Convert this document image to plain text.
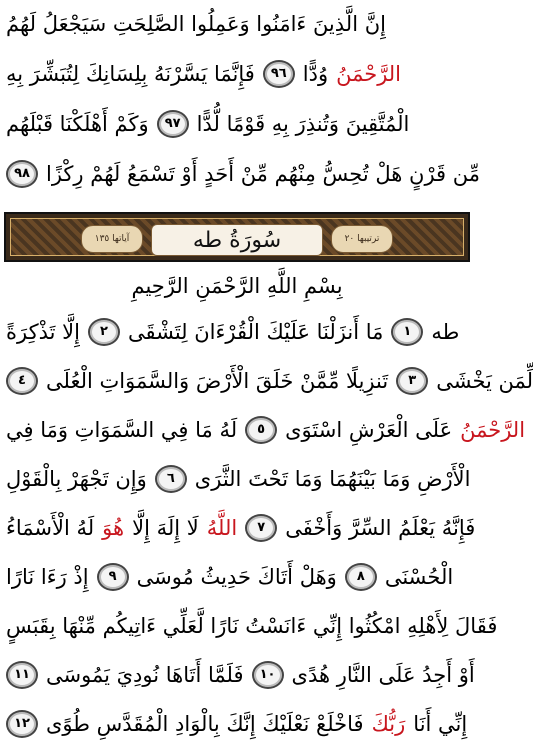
إِنَّ الَّذِينَ ءَامَنُوا وَعَمِلُوا الصَّلِحَتِ سَيَجْعَلُ لَهُمُ
الرَّحْمَنُ
وُدًّا
٩٦
فَإِنَّمَا يَسَّرْنَهُ بِلِسَانِكَ لِتُبَشِّرَ بِهِ
الْمُتَّقِينَ وَتُنذِرَ بِهِ قَوْمًا لُّدًّا
٩٧
وَكَمْ أَهْلَكْنَا قَبْلَهُم
مِّن قَرْنٍ هَلْ تُحِسُّ مِنْهُم مِّنْ أَحَدٍ أَوْ تَسْمَعُ لَهُمْ رِكْزًا
٩٨
آياتها ١٣٥	سُورَةُ طه	ترتيبها ٢٠
بِسْمِ اللَّهِ الرَّحْمَنِ الرَّحِيمِ
طه
١
مَا أَنزَلْنَا عَلَيْكَ الْقُرْءَانَ لِتَشْقَى
٢
إِلَّا تَذْكِرَةً
لِّمَن يَخْشَى
٣
تَنزِيلًا مِّمَّنْ خَلَقَ الْأَرْضَ وَالسَّمَوَاتِ الْعُلَى
٤
الرَّحْمَنُ
عَلَى الْعَرْشِ اسْتَوَى
٥
لَهُ مَا فِي السَّمَوَاتِ وَمَا فِي
الْأَرْضِ وَمَا بَيْنَهُمَا وَمَا تَحْتَ الثَّرَى
٦
وَإِن تَجْهَرْ بِالْقَوْلِ
فَإِنَّهُ يَعْلَمُ السِّرَّ وَأَخْفَى
٧
اللَّهُ
لَا إِلَهَ إِلَّا
هُوَ
لَهُ الْأَسْمَاءُ
الْحُسْنَى
٨
وَهَلْ أَتَاكَ حَدِيثُ مُوسَى
٩
إِذْ رَءَا نَارًا
فَقَالَ لِأَهْلِهِ امْكُثُوا إِنِّي ءَانَسْتُ نَارًا لَّعَلِّي ءَاتِيكُم مِّنْهَا بِقَبَسٍ
أَوْ أَجِدُ عَلَى النَّارِ هُدًى
١٠
فَلَمَّا أَتَاهَا نُودِيَ يَمُوسَى
١١
إِنِّي أَنَا
رَبُّكَ
فَاخْلَعْ نَعْلَيْكَ إِنَّكَ بِالْوَادِ الْمُقَدَّسِ طُوًى
١٢
